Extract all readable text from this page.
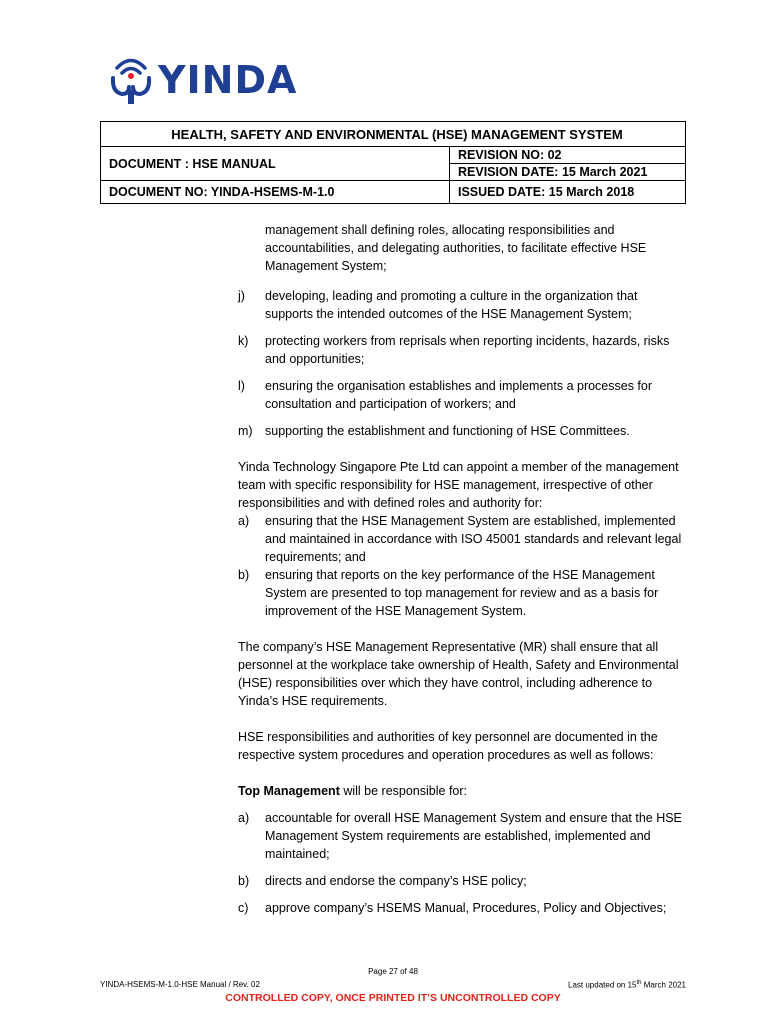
YINDA
HEALTH, SAFETY AND ENVIRONMENTAL (HSE) MANAGEMENT SYSTEM	
DOCUMENT : HSE MANUAL	REVISION NO: 02
	REVISION DATE: 15 March 2021
DOCUMENT NO: YINDA-HSEMS-M-1.0	ISSUED DATE: 15 March 2018
management shall defining roles, allocating responsibilities and accountabilities, and delegating authorities, to facilitate effective HSE Management System;
j) developing, leading and promoting a culture in the organization that supports the intended outcomes of the HSE Management System;
k) protecting workers from reprisals when reporting incidents, hazards, risks and opportunities;
l) ensuring the organisation establishes and implements a processes for consultation and participation of workers; and
m) supporting the establishment and functioning of HSE Committees.
Yinda Technology Singapore Pte Ltd can appoint a member of the management team with specific responsibility for HSE management, irrespective of other responsibilities and with defined roles and authority for:
a) ensuring that the HSE Management System are established, implemented and maintained in accordance with ISO 45001 standards and relevant legal requirements; and
b) ensuring that reports on the key performance of the HSE Management System are presented to top management for review and as a basis for improvement of the HSE Management System.
The company’s HSE Management Representative (MR) shall ensure that all personnel at the workplace take ownership of Health, Safety and Environmental (HSE) responsibilities over which they have control, including adherence to Yinda’s HSE requirements.
HSE responsibilities and authorities of key personnel are documented in the respective system procedures and operation procedures as well as follows:
Top Management will be responsible for:
a) accountable for overall HSE Management System and ensure that the HSE Management System requirements are established, implemented and maintained;
b) directs and endorse the company’s HSE policy;
c) approve company’s HSEMS Manual, Procedures, Policy and Objectives;
Page 27 of 48
YINDA-HSEMS-M-1.0-HSE Manual / Rev. 02	Last updated on 15th March 2021
CONTROLLED COPY, ONCE PRINTED IT’S UNCONTROLLED COPY
